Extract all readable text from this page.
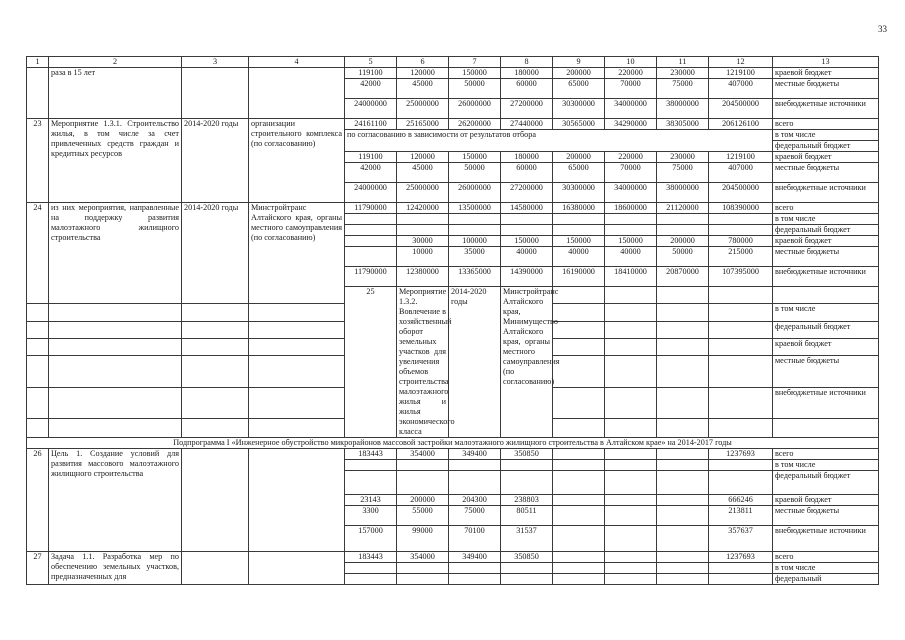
33
1	2	3	4	5	6	7	8	9	10	11	12	13	
	раза в 15 лет			119100	120000	150000	180000	200000	220000	230000	1219100	краевой бюджет	
				42000	45000	50000	60000	65000	70000	75000	407000	местные бюджеты	
				24000000	25000000	26000000	27200000	30300000	34000000	38000000	204500000	внебюджетные источники	
23	Мероприятие 1.3.1. Строительство жилья, в том числе за счет привлеченных средств граждан и кредитных ресурсов	2014-2020 годы	организации строительного комплекса (по согласованию)	24161100	25165000	26200000	27440000	30565000	34290000	38305000	206126100	всего	
				по согласованию в зависимости от результатов отбора								в том числе	
												федеральный бюджет	
				119100	120000	150000	180000	200000	220000	230000	1219100	краевой бюджет	
				42000	45000	50000	60000	65000	70000	75000	407000	местные бюджеты	
				24000000	25000000	26000000	27200000	30300000	34000000	38000000	204500000	внебюджетные источники	
24	из них мероприятия, направленные на поддержку развития малоэтажного жилищного строительства	2014-2020 годы	Минстройтранс Алтайского края, органы местного самоуправления (по согласованию)	11790000	12420000	13500000	14580000	16380000	18600000	21120000	108390000	всего	
												в том числе	
												федеральный бюджет	
					30000	100000	150000	150000	150000	200000	780000	краевой бюджет	
					10000	35000	40000	40000	40000	50000	215000	местные бюджеты	
				11790000	12380000	13365000	14390000	16190000	18410000	20870000	107395000	внебюджетные источники	
				25	Мероприятие 1.3.2. Вовлечение в хозяйственный оборот земельных участков для увеличения объемов строительства малоэтажного жилья и жилья экономического класса	2014-2020 годы	Минстройтранс Алтайского края, Минимущество Алтайского края, органы местного самоуправления (по согласованию)									
												в том числе	
												федеральный бюджет	
												краевой бюджет	
												местные бюджеты	
												внебюджетные источники	

Подпрограмма I «Инженерное обустройство микрорайонов массовой застройки малоэтажного жилищного строительства в Алтайском крае» на 2014-2017 годы													
26	Цель 1. Создание условий для развития массового малоэтажного жилищного строительства			183443	354000	349400	350850				1237693	всего	
												в том числе	
												федеральный бюджет	
				23143	200000	204300	238803				666246	краевой бюджет	
				3300	55000	75000	80511				213811	местные бюджеты	
				157000	99000	70100	31537				357637	внебюджетные источники	
27	Задача 1.1. Разработка мер по обеспечению земельных участков, предназначенных для			183443	354000	349400	350850				1237693	всего	
												в том числе	
												федеральный	
